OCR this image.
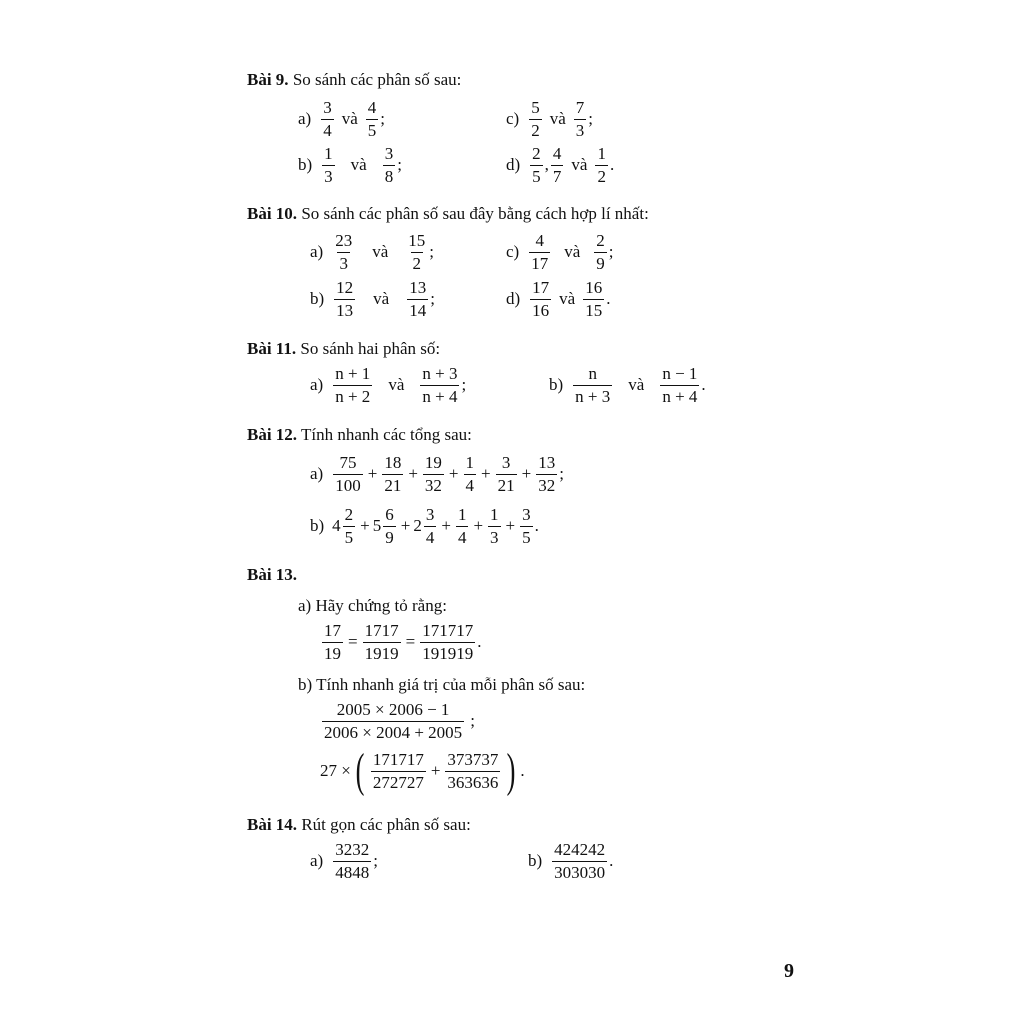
Bài 9. So sánh các phân số sau:
$a) \frac{3}{4}$ và $\frac{4}{5}$ ;
$b) \frac{1}{3}$ và $\frac{3}{8}$ ;
$c) \frac{5}{2}$ và $\frac{7}{3}$ ;
$d) \frac{2}{5}$ , $\frac{4}{7}$ và $\frac{1}{2}$ .
Bài 10. So sánh các phân số sau đây bằng cách hợp lí nhất:
$a) \frac{23}{3}$ và $\frac{15}{2}$ ;
$b) \frac{12}{13}$ và $\frac{13}{14}$ ;
$c) \frac{4}{17}$ và $\frac{2}{9}$ ;
$d) \frac{17}{16}$ và $\frac{16}{15}$ .
Bài 11. So sánh hai phân số:
$a) \frac{n + 1}{n + 2}$ và $\frac{n + 3}{n + 4}$ ;	$b) \frac{n}{n + 3}$ và $\frac{n - 1}{n + 4}$ .
Bài 12. Tính nhanh các tổng sau:
$a) \frac{75}{100} + \frac{18}{21} + \frac{19}{32} + \frac{1}{4} + \frac{3}{21} + \frac{13}{32}$ ;
b) $4 \frac{2}{5} + 5 \frac{6}{9} + 2 \frac{3}{4} + \frac{1}{4} + \frac{1}{3} + \frac{3}{5}$ .
Bài 13.
a) Hãy chứng tỏ rằng:
$\frac{17}{19} = \frac{1717}{1919} = \frac{171717}{191919}$ .
b) Tính nhanh giá trị của mỗi phân số sau:
$\frac{2005 \times 2006 - 1}{2006 \times 2004 + 2005}$ ;
27 × ( $\frac{171717}{272727} + \frac{373737}{363636}$ ) .
Bài 14. Rút gọn các phân số sau:
$a) \frac{3232}{4848}$ ;	$b) \frac{424242}{303030}$ .
9
